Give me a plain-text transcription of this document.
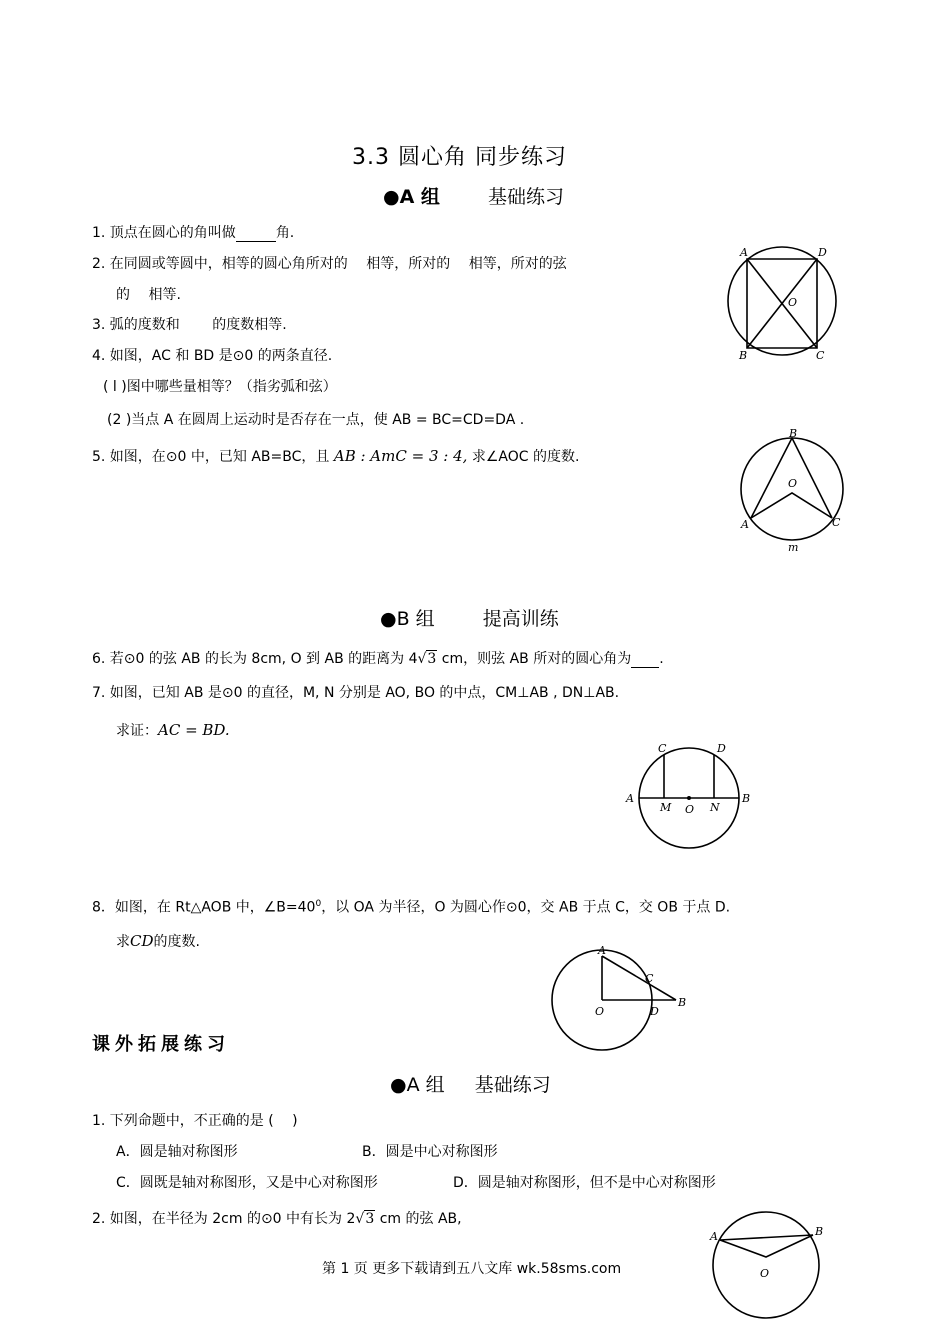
3.3 圆心角 同步练习
●A 组	基础练习
1. 顶点在圆心的角叫做	角.
2. 在同圆或等圆中，相等的圆心角所对的　 相等，所对的　 相等，所对的弦
的　 相等.
3. 弧的度数和　　 的度数相等.
4. 如图，AC 和 BD 是⊙0 的两条直径.
( l )图中哪些量相等？（指劣弧和弦）
(2 )当点 A 在圆周上运动时是否存在一点，使 AB = BC=CD=DA .
5. 如图，在⊙0 中，已知 AB=BC，且 AB : AmC = 3 : 4, 求∠AOC 的度数.
A	D
O
B	C
B
O
A	C
m
●B 组	提高训练
6. 若⊙0 的弦 AB 的长为 8cm, O 到 AB 的距离为 4√3 cm，则弦 AB 所对的圆心角为 .
7. 如图，已知 AB 是⊙0 的直径，M, N 分别是 AO, BO 的中点，CM⊥AB , DN⊥AB.
求证：AC = BD.
C	D
A	B
M O N
8．如图，在 Rt△AOB 中，$\angle B=40^0$，以 OA 为半径，O 为圆心作⊙0，交 AB 于点 C，交 OB 于点 D.
求CD的度数.
A
C
B
O	D
课外拓展练习
●A 组 基础练习
1. 下列命题中，不正确的是 (　 )
A．圆是轴对称图形	B．圆是中心对称图形
C．圆既是轴对称图形，又是中心对称图形	D．圆是轴对称图形，但不是中心对称图形
2. 如图，在半径为 2cm 的⊙0 中有长为 2√3 cm 的弦 AB,
A	B
O
第 1 页 更多下载请到五八文库 wk.58sms.com
